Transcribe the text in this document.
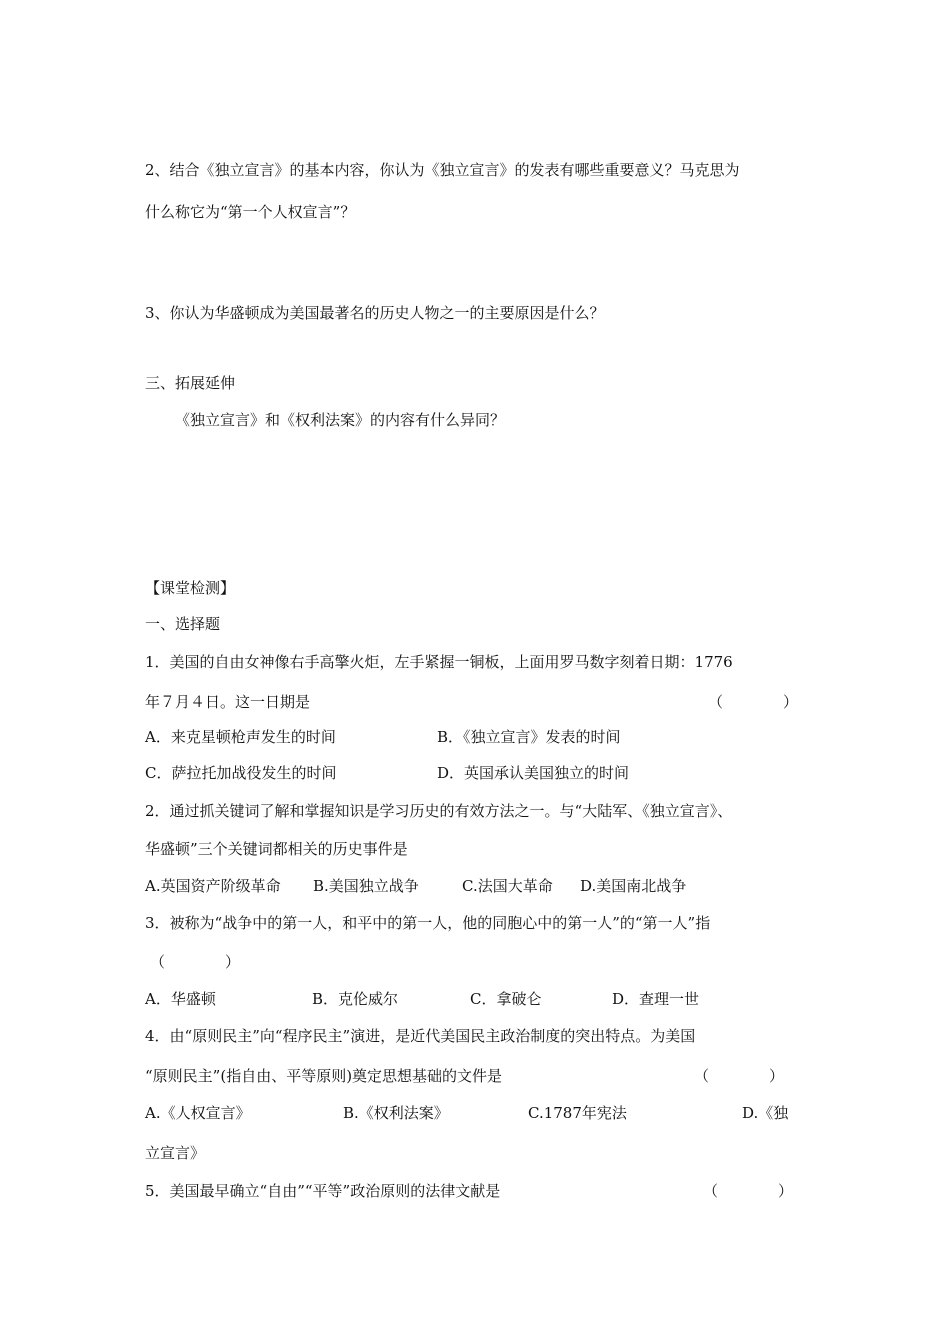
2、结合《独立宣言》的基本内容，你认为《独立宣言》的发表有哪些重要意义？马克思为
什么称它为“第一个人权宣言”？
3、你认为华盛顿成为美国最著名的历史人物之一的主要原因是什么？
三、拓展延伸
《独立宣言》和《权利法案》的内容有什么异同？
【课堂检测】
一、选择题
1．美国的自由女神像右手高擎火炬，左手紧握一铜板，上面用罗马数字刻着日期：1776
年７月４日。这一日期是	（　　　　）
A．来克星顿枪声发生的时间	B．《独立宣言》发表的时间
C．萨拉托加战役发生的时间	D．英国承认美国独立的时间
2．通过抓关键词了解和掌握知识是学习历史的有效方法之一。与“大陆军、《独立宣言》、
华盛顿”三个关键词都相关的历史事件是
A.英国资产阶级革命 B.美国独立战争	C.法国大革命 D.美国南北战争
3．被称为“战争中的第一人，和平中的第一人，他的同胞心中的第一人”的“第一人”指
（　　　　）
A．华盛顿	B．克伦威尔	C．拿破仑	D．查理一世
4．由“原则民主”向“程序民主”演进，是近代美国民主政治制度的突出特点。为美国
“原则民主”(指自由、平等原则)奠定思想基础的文件是	（　　　　）
A.《人权宣言》	B.《权利法案》	C.1787年宪法	D.《独
立宣言》
5．美国最早确立“自由”“平等”政治原则的法律文献是	（　　　　）
